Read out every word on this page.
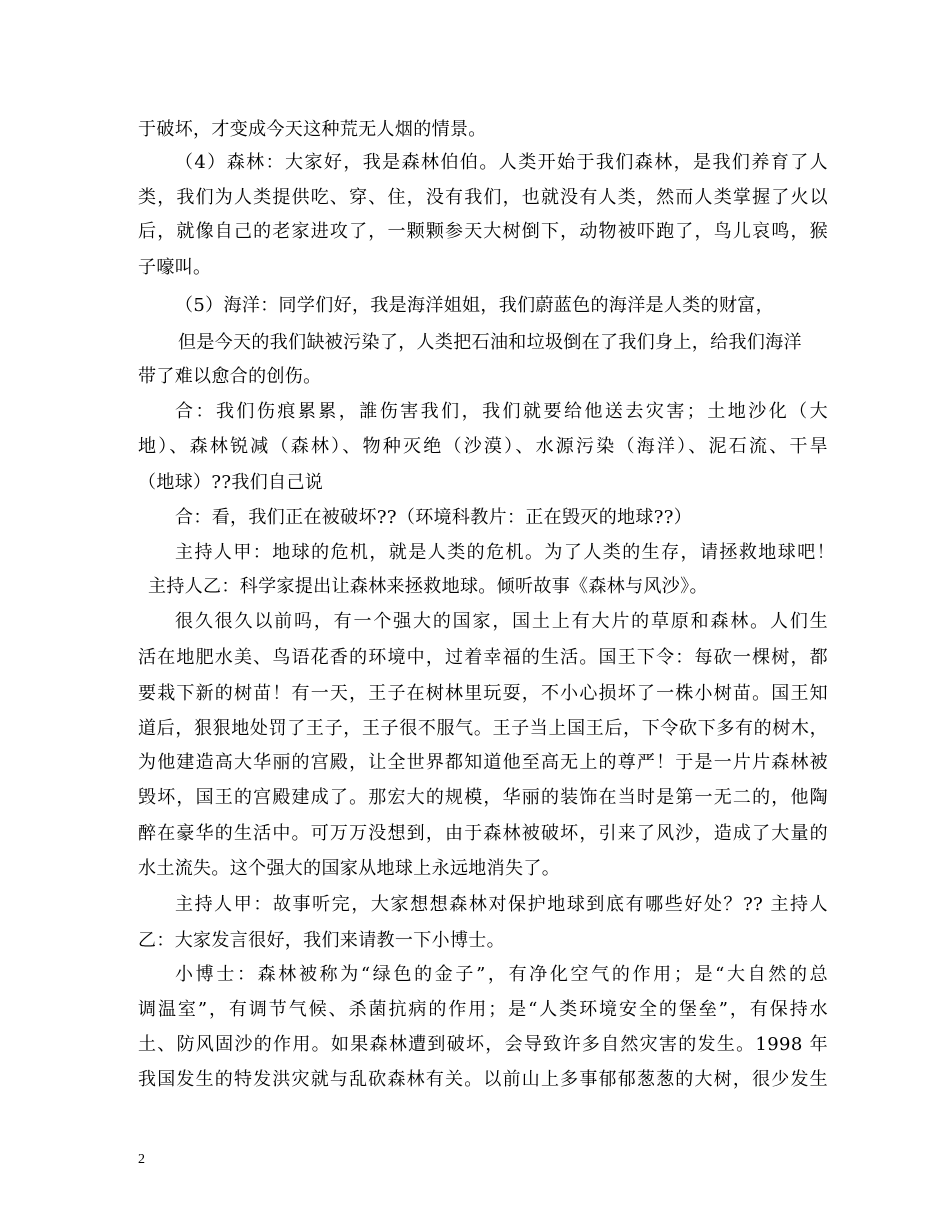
于破坏，才变成今天这种荒无人烟的情景。
（4）森林：大家好，我是森林伯伯。人类开始于我们森林，是我们养育了人
类，我们为人类提供吃、穿、住，没有我们，也就没有人类，然而人类掌握了火以
后，就像自己的老家进攻了，一颗颗参天大树倒下，动物被吓跑了，鸟儿哀鸣，猴
子嚎叫。
（5）海洋：同学们好，我是海洋姐姐，我们蔚蓝色的海洋是人类的财富，
但是今天的我们缺被污染了，人类把石油和垃圾倒在了我们身上，给我们海洋
带了难以愈合的创伤。
合：我们伤痕累累，誰伤害我们，我们就要给他送去灾害；土地沙化（大
地）、森林锐减（森林）、物种灭绝（沙漠）、水源污染（海洋）、泥石流、干旱
（地球）??我们自己说
合：看，我们正在被破坏??（环境科教片：正在毁灭的地球??）
主持人甲：地球的危机，就是人类的危机。为了人类的生存，请拯救地球吧！
主持人乙：科学家提出让森林来拯救地球。倾听故事《森林与风沙》。
很久很久以前吗，有一个强大的国家，国土上有大片的草原和森林。人们生
活在地肥水美、鸟语花香的环境中，过着幸福的生活。国王下令：每砍一棵树，都
要栽下新的树苗！有一天，王子在树林里玩耍，不小心损坏了一株小树苗。国王知
道后，狠狠地处罚了王子，王子很不服气。王子当上国王后，下令砍下多有的树木，
为他建造高大华丽的宫殿，让全世界都知道他至高无上的尊严！于是一片片森林被
毁坏，国王的宫殿建成了。那宏大的规模，华丽的装饰在当时是第一无二的，他陶
醉在豪华的生活中。可万万没想到，由于森林被破坏，引来了风沙，造成了大量的
水土流失。这个强大的国家从地球上永远地消失了。
主持人甲：故事听完，大家想想森林对保护地球到底有哪些好处？?? 主持人
乙：大家发言很好，我们来请教一下小博士。
小博士：森林被称为“绿色的金子”，有净化空气的作用；是“大自然的总
调温室”，有调节气候、杀菌抗病的作用；是“人类环境安全的堡垒”，有保持水
土、防风固沙的作用。如果森林遭到破坏，会导致许多自然灾害的发生。1998 年
我国发生的特发洪灾就与乱砍森林有关。以前山上多事郁郁葱葱的大树，很少发生
2
